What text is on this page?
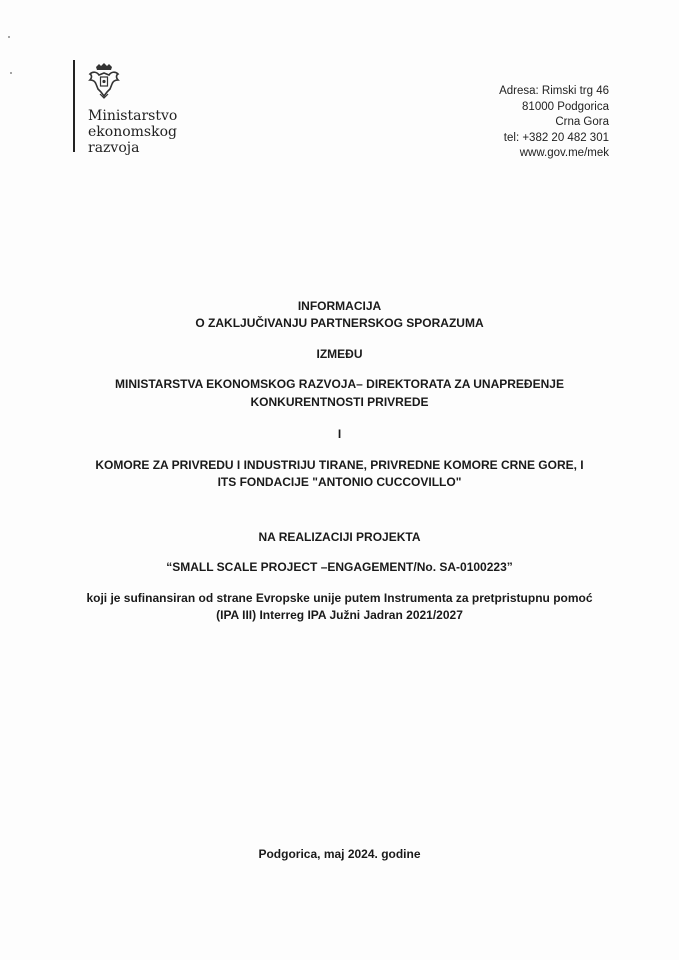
Ministarstvo
ekonomskog
razvoja
Adresa: Rimski trg 46
81000 Podgorica
Crna Gora
tel: +382 20 482 301
www.gov.me/mek
INFORMACIJA
O ZAKLJUČIVANJU PARTNERSKOG SPORAZUMA
IZMEĐU
MINISTARSTVA EKONOMSKOG RAZVOJA– DIREKTORATA ZA UNAPREĐENJE
KONKURENTNOSTI PRIVREDE
I
KOMORE ZA PRIVREDU I INDUSTRIJU TIRANE, PRIVREDNE KOMORE CRNE GORE, I
ITS FONDACIJE "ANTONIO CUCCOVILLO"
NA REALIZACIJI PROJEKTA
“SMALL SCALE PROJECT –ENGAGEMENT/No. SA-0100223”
koji je sufinansiran od strane Evropske unije putem Instrumenta za pretpristupnu pomoć
(IPA III) Interreg IPA Južni Jadran 2021/2027
Podgorica, maj 2024. godine
